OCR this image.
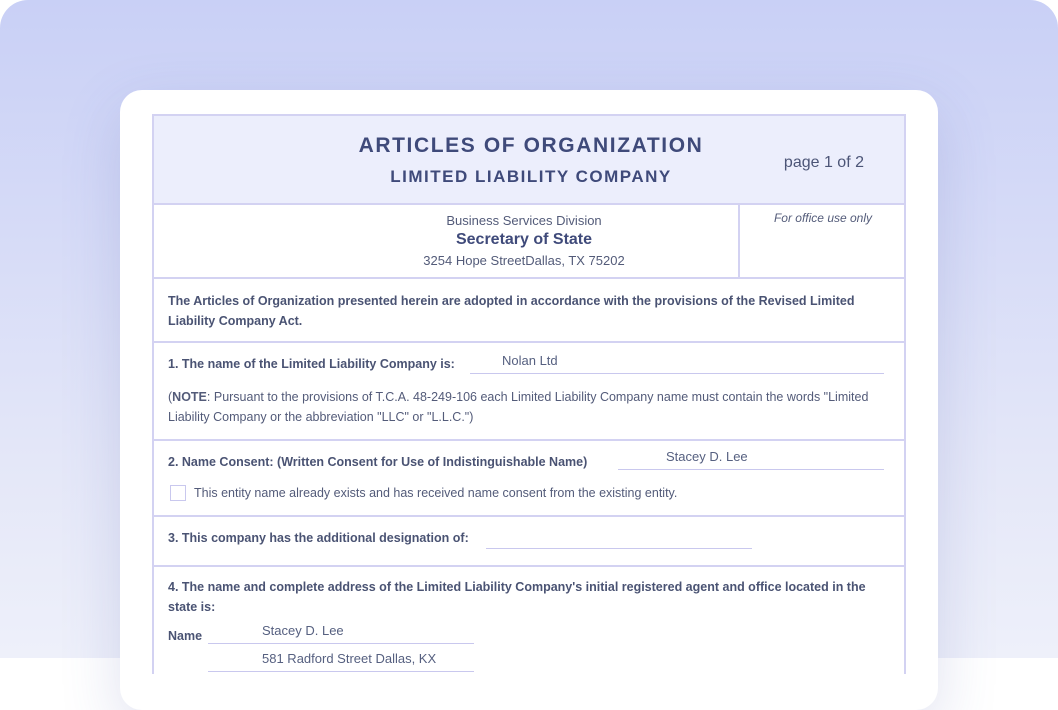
ARTICLES OF ORGANIZATION
LIMITED LIABILITY COMPANY
page 1 of 2
Business Services Division
Secretary of State
3254 Hope StreetDallas, TX 75202
For office use only
The Articles of Organization presented herein are adopted in accordance with the provisions of the Revised Limited Liability Company Act.
1. The name of the Limited Liability Company is:	Nolan Ltd
(NOTE: Pursuant to the provisions of T.C.A. 48-249-106 each Limited Liability Company name must contain the words "Limited Liability Company or the abbreviation "LLC" or "L.L.C.")
2. Name Consent: (Written Consent for Use of Indistinguishable Name)	Stacey D. Lee
This entity name already exists and has received name consent from the existing entity.
3. This company has the additional designation of:
4. The name and complete address of the Limited Liability Company's initial registered agent and office located in the state is:
Name	Stacey D. Lee
581 Radford Street Dallas, KX
